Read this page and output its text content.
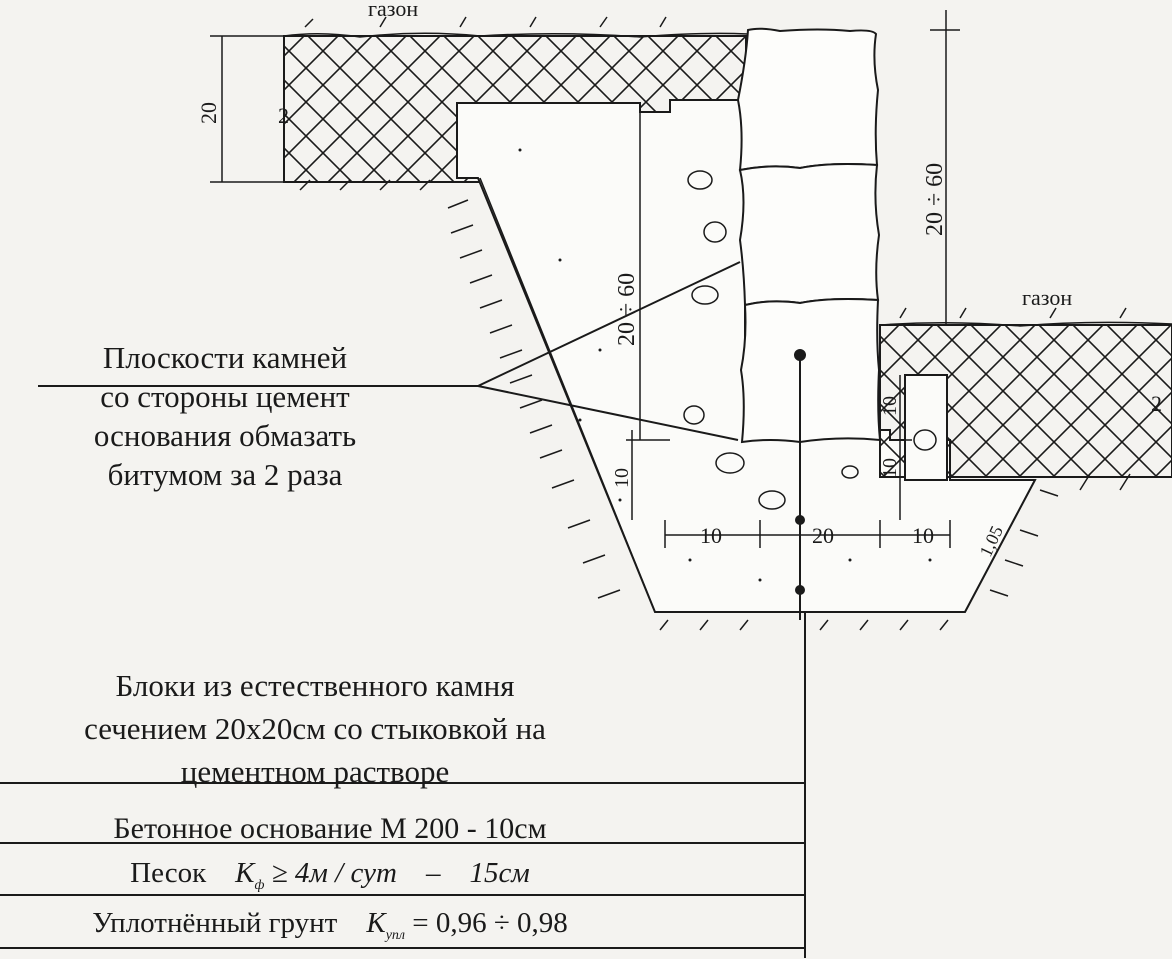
газон
газон
20	2
2
20 ÷ 60
20 ÷ 60
10
10
10
10	20	10 1,05
Плоскости камней
со стороны цемент
основания обмазать
битумом за 2 раза
Блоки из естественного камня
сечением 20х20см со стыковкой на
цементном растворе
Бетонное основание М 200 - 10см
Песок $K_ф \ge 4м$ / сут – 15см
Уплотнённый грунт $K_{упл} = 0,96 \div 0,98$
